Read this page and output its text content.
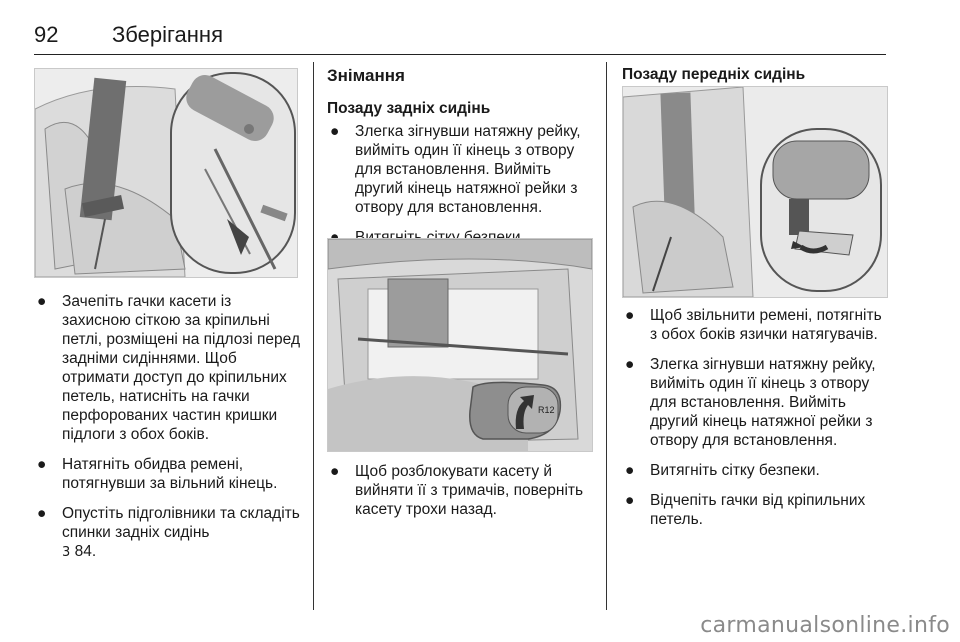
92 Зберігання
● Зачепіть гачки касети із захисною сіткою за кріпильні петлі, розміщені на підлозі перед задніми сидіннями. Щоб отримати доступ до кріпильних петель, натисніть на гачки перфорованих частин кришки підлоги з обох боків.
● Натягніть обидва ремені, потягнувши за вільний кінець.
● Опустіть підголівники та складіть спинки задніх сидінь
3 84.
Знімання
Позаду задніх сидінь
● Злегка зігнувши натяжну рейку, вийміть один її кінець з отвору для встановлення. Вийміть другий кінець натяжної рейки з отвору для встановлення.
R12
● Щоб розблокувати касету й вийняти її з тримачів, поверніть касету трохи назад.
Позаду передніх сидінь
● Щоб звільнити ремені, потягніть з обох боків язички натягувачів.
● Злегка зігнувши натяжну рейку, вийміть один її кінець з отвору для встановлення. Вийміть другий кінець натяжної рейки з отвору для встановлення.
● Витягніть сітку безпеки.
● Відчепіть гачки від кріпильних петель.
carmanualsonline.info
